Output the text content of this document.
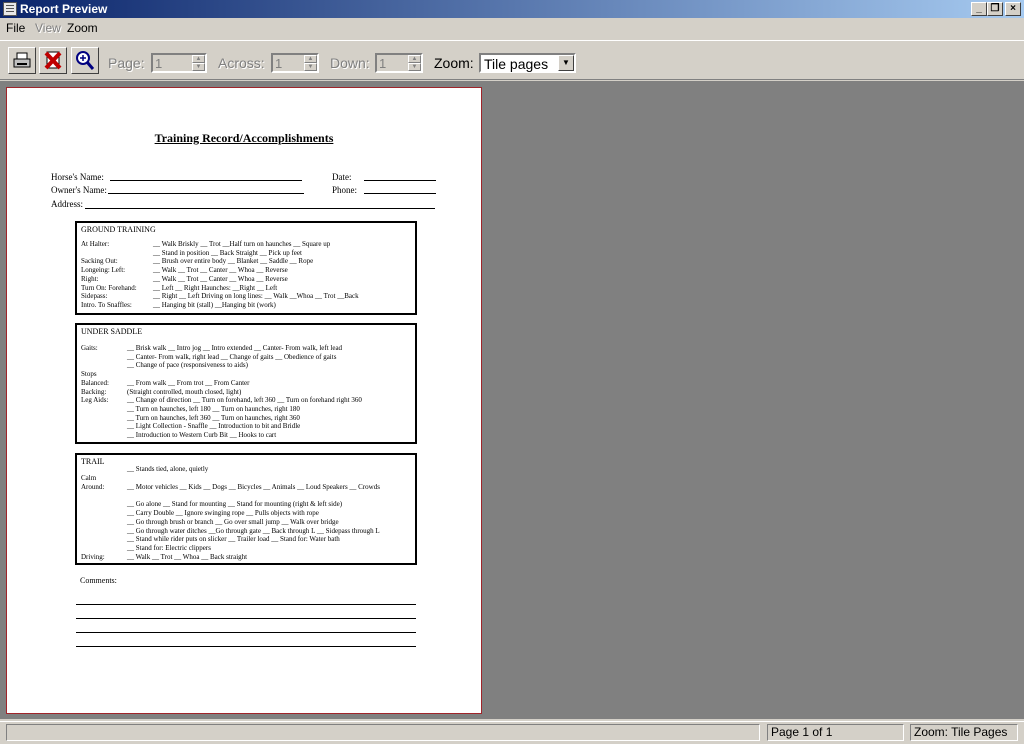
Report Preview	_ ❐	×
File View Zoom
Page: 1	▲
▼ Across: 1	▲
▼ Down: 1	▲
▼ Zoom: Tile pages	▼
Training Record/Accomplishments
Horse's Name:	Date:
Owner's Name:	Phone:
Address:
GROUND TRAINING
At Halter:	__ Walk Briskly __ Trot __Half turn on haunches __ Square up
__ Stand in position __ Back Straight __ Pick up feet
Sacking Out:	__ Brush over entire body __ Blanket __ Saddle __ Rope
Longeing: Left:	__ Walk __ Trot __ Canter __ Whoa __ Reverse
Right:	__ Walk __ Trot __ Canter __ Whoa __ Reverse
Turn On: Forehand: __ Left __ Right Haunches: __Right __ Left
Sidepass:	__ Right __ Left Driving on long lines: __ Walk __Whoa __ Trot __Back
Intro. To Snaffles:	__ Hanging bit (stall) __Hanging bit (work)
UNDER SADDLE
Gaits:	__ Brisk walk __ Intro jog __ Intro extended __ Canter- From walk, left lead
__ Canter- From walk, right lead __ Change of gaits __ Obedience of gaits
__ Change of pace (responsiveness to aids)
Stops
Balanced:	__ From walk __ From trot __ From Canter
Backing:	(Straight controlled, mouth closed, light)
Leg Aids:	__ Change of direction __ Turn on forehand, left 360 __ Turn on forehand right 360
__ Turn on haunches, left 180 __ Turn on haunches, right 180
__ Turn on haunches, left 360 __ Turn on haunches, right 360
__ Light Collection - Snaffle __ Introduction to bit and Bridle
__ Introduction to Western Curb Bit __ Hooks to cart
TRAIL
__ Stands tied, alone, quietly
Calm
Around:	__ Motor vehicles __ Kids __ Dogs __ Bicycles __ Animals __ Loud Speakers __ Crowds
__ Go alone __ Stand for mounting __ Stand for mounting (right & left side)
__ Carry Double __ Ignore swinging rope __ Pulls objects with rope
__ Go through brush or branch __ Go over small jump __ Walk over bridge
__ Go through water ditches __Go through gate __ Back through L __ Sidepass through L
__ Stand while rider puts on slicker __ Trailer load __ Stand for: Water bath
__ Stand for: Electric clippers
Driving:	__ Walk __ Trot __ Whoa __ Back straight
Comments:
Page 1 of 1	Zoom: Tile Pages
